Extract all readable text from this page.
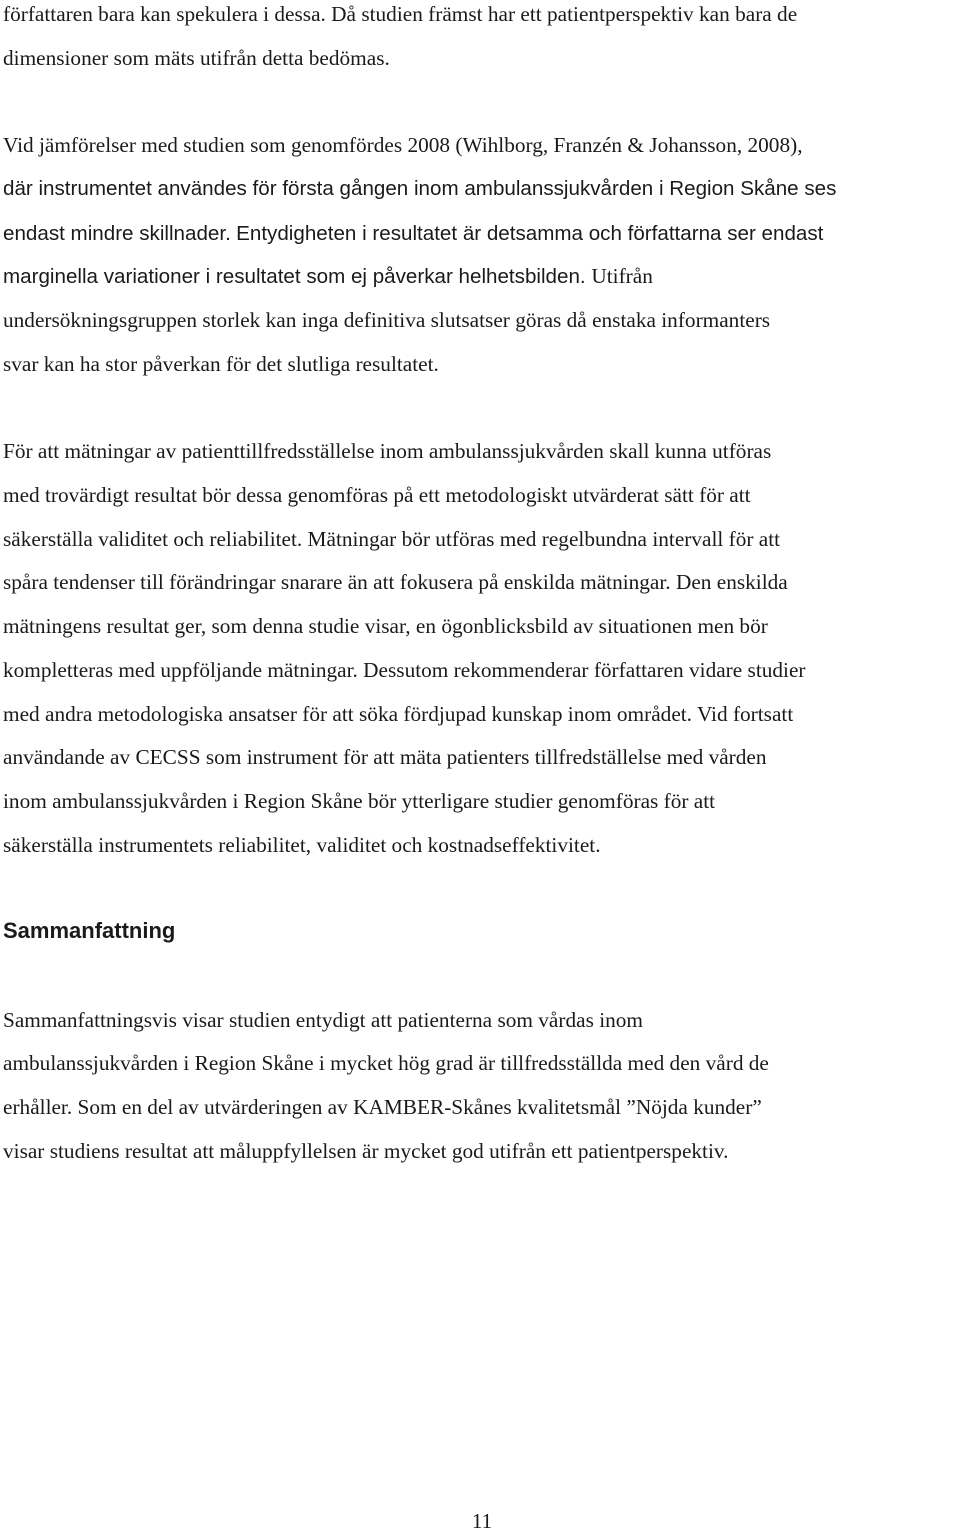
författaren bara kan spekulera i dessa. Då studien främst har ett patientperspektiv kan bara de
dimensioner som mäts utifrån detta bedömas.
Vid jämförelser med studien som genomfördes 2008 (Wihlborg, Franzén & Johansson, 2008),
där instrumentet användes för första gången inom ambulanssjukvården i Region Skåne ses
endast mindre skillnader. Entydigheten i resultatet är detsamma och författarna ser endast
marginella variationer i resultatet som ej påverkar helhetsbilden. Utifrån
undersökningsgruppen storlek kan inga definitiva slutsatser göras då enstaka informanters
svar kan ha stor påverkan för det slutliga resultatet.
För att mätningar av patienttillfredsställelse inom ambulanssjukvården skall kunna utföras
med trovärdigt resultat bör dessa genomföras på ett metodologiskt utvärderat sätt för att
säkerställa validitet och reliabilitet. Mätningar bör utföras med regelbundna intervall för att
spåra tendenser till förändringar snarare än att fokusera på enskilda mätningar. Den enskilda
mätningens resultat ger, som denna studie visar, en ögonblicksbild av situationen men bör
kompletteras med uppföljande mätningar. Dessutom rekommenderar författaren vidare studier
med andra metodologiska ansatser för att söka fördjupad kunskap inom området. Vid fortsatt
användande av CECSS som instrument för att mäta patienters tillfredställelse med vården
inom ambulanssjukvården i Region Skåne bör ytterligare studier genomföras för att
säkerställa instrumentets reliabilitet, validitet och kostnadseffektivitet.
Sammanfattning
Sammanfattningsvis visar studien entydigt att patienterna som vårdas inom
ambulanssjukvården i Region Skåne i mycket hög grad är tillfredsställda med den vård de
erhåller. Som en del av utvärderingen av KAMBER-Skånes kvalitetsmål ”Nöjda kunder”
visar studiens resultat att måluppfyllelsen är mycket god utifrån ett patientperspektiv.
11
